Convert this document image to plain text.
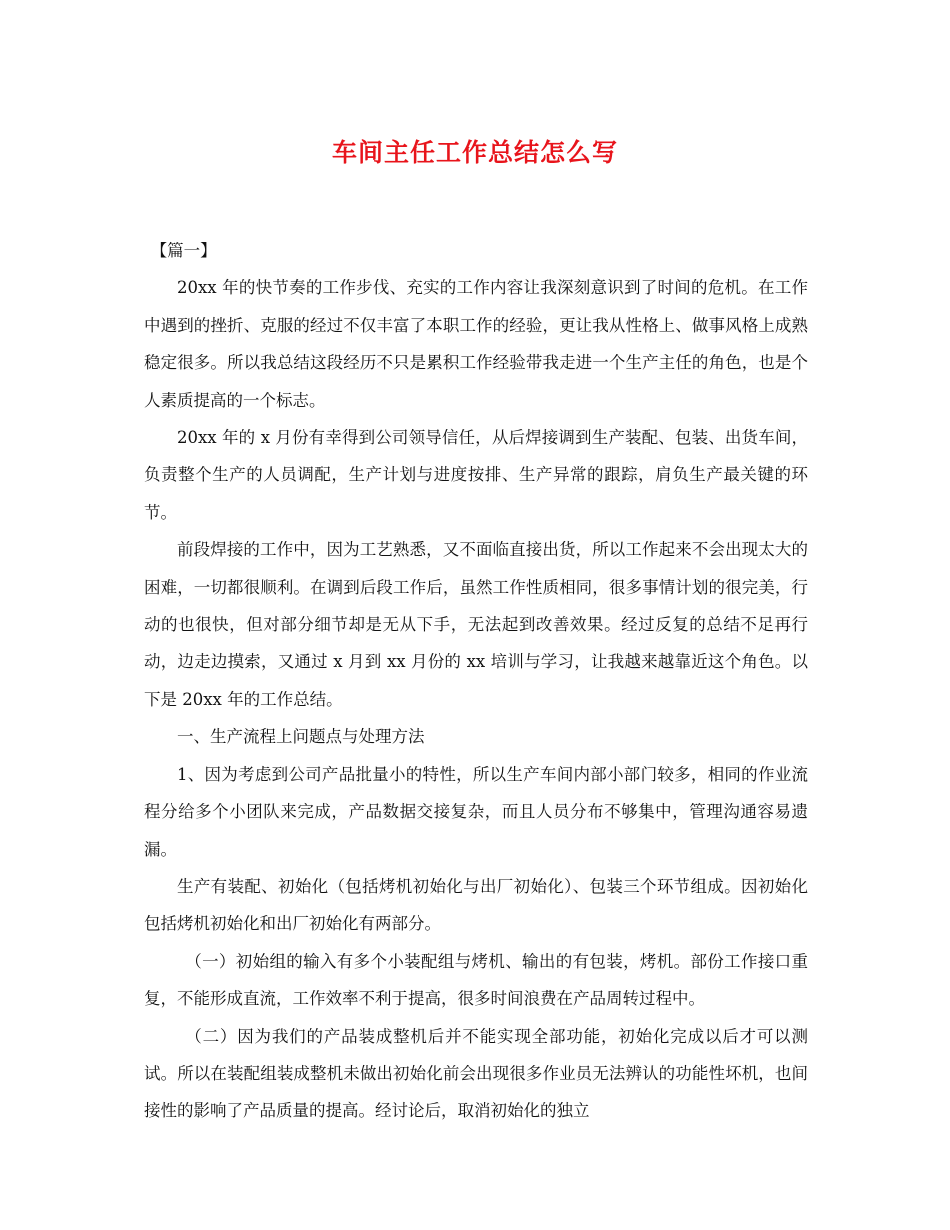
车间主任工作总结怎么写

【篇一】

20xx 年的快节奏的工作步伐、充实的工作内容让我深刻意识到了时间的危机。在工作中遇到的挫折、克服的经过不仅丰富了本职工作的经验，更让我从性格上、做事风格上成熟稳定很多。所以我总结这段经历不只是累积工作经验带我走进一个生产主任的角色，也是个人素质提高的一个标志。

20xx 年的 x 月份有幸得到公司领导信任，从后焊接调到生产装配、包装、出货车间，负责整个生产的人员调配，生产计划与进度按排、生产异常的跟踪，肩负生产最关键的环节。

前段焊接的工作中，因为工艺熟悉，又不面临直接出货，所以工作起来不会出现太大的困难，一切都很顺利。在调到后段工作后，虽然工作性质相同，很多事情计划的很完美，行动的也很快，但对部分细节却是无从下手，无法起到改善效果。经过反复的总结不足再行动，边走边摸索，又通过 x 月到 xx 月份的 xx 培训与学习，让我越来越靠近这个角色。以下是 20xx 年的工作总结。

一、生产流程上问题点与处理方法

1、因为考虑到公司产品批量小的特性，所以生产车间内部小部门较多，相同的作业流程分给多个小团队来完成，产品数据交接复杂，而且人员分布不够集中，管理沟通容易遗漏。

生产有装配、初始化（包括烤机初始化与出厂初始化）、包装三个环节组成。因初始化包括烤机初始化和出厂初始化有两部分。

（一）初始组的输入有多个小装配组与烤机、输出的有包装，烤机。部份工作接口重复，不能形成直流，工作效率不利于提高，很多时间浪费在产品周转过程中。

（二）因为我们的产品装成整机后并不能实现全部功能，初始化完成以后才可以测试。所以在装配组装成整机未做出初始化前会出现很多作业员无法辨认的功能性坏机，也间接性的影响了产品质量的提高。经讨论后，取消初始化的独立
